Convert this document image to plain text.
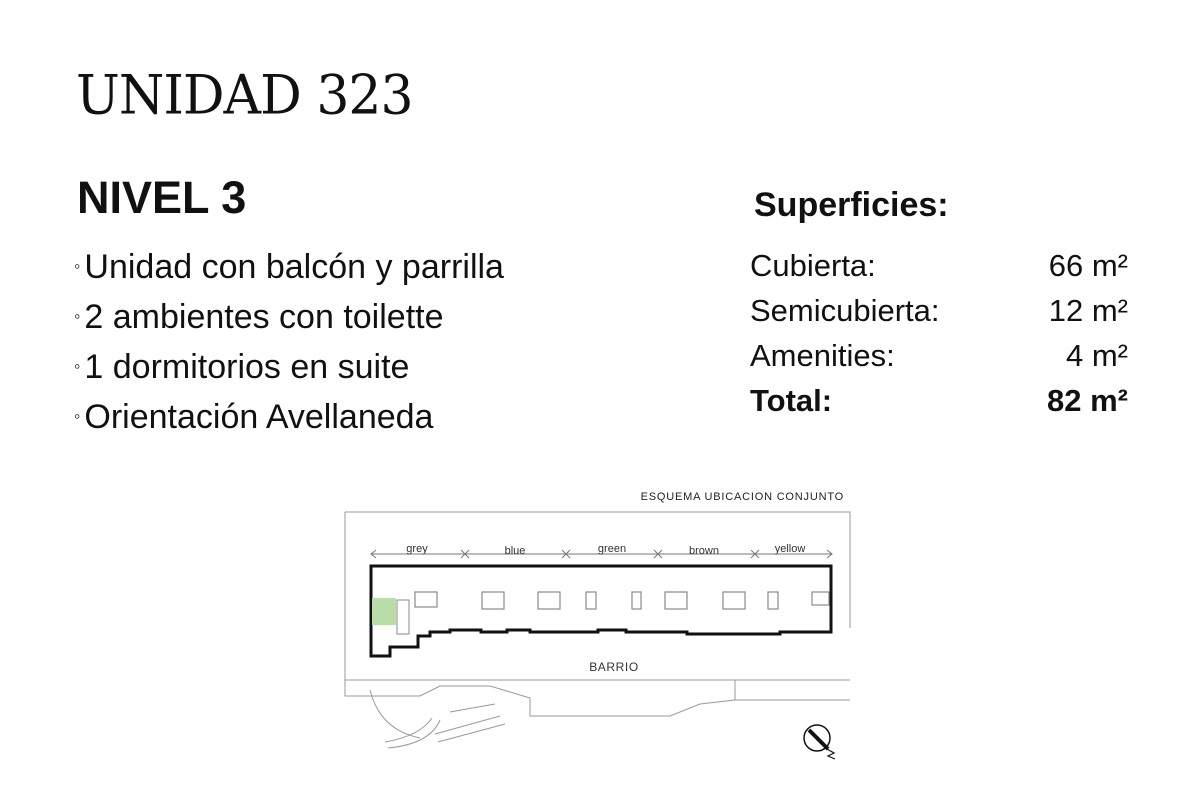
UNIDAD 323
NIVEL 3
◦ Unidad con balcón y parrilla
◦ 2 ambientes con toilette
◦ 1 dormitorios en suite
◦ Orientación Avellaneda
Superficies:
Cubierta:	66 m²
Semicubierta:	12 m²
Amenities:	4 m²
Total:	82 m²
ESQUEMA UBICACION CONJUNTO
grey	blue	green	brown	yellow
BARRIO
